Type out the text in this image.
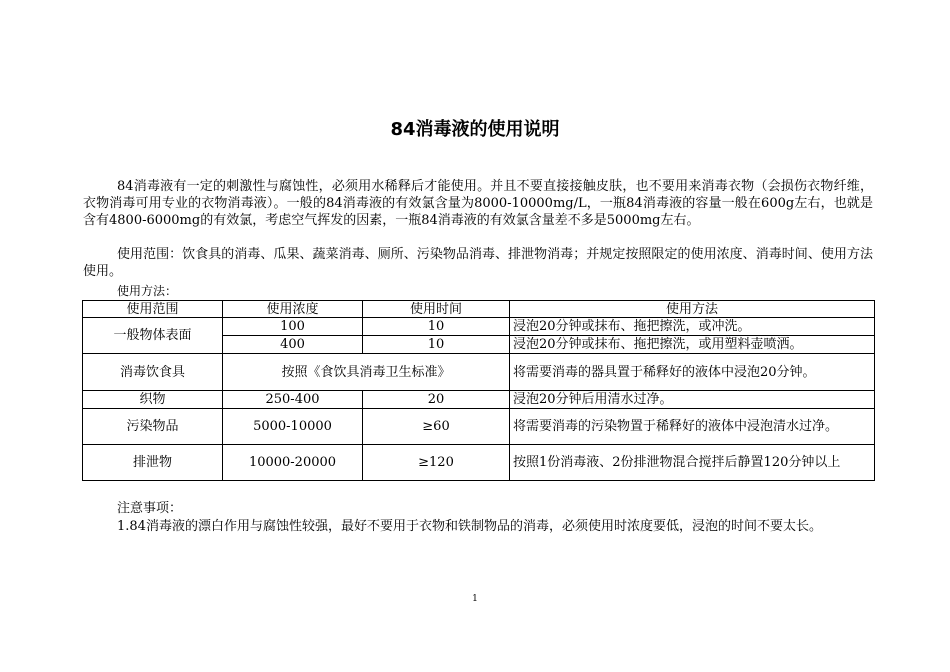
84消毒液的使用说明
84消毒液有一定的刺激性与腐蚀性，必须用水稀释后才能使用。并且不要直接接触皮肤，也不要用来消毒衣物（会损伤衣物纤维，衣物消毒可用专业的衣物消毒液）。一般的84消毒液的有效氯含量为8000-10000mg/L，一瓶84消毒液的容量一般在600g左右，也就是含有4800-6000mg的有效氯，考虑空气挥发的因素，一瓶84消毒液的有效氯含量差不多是5000mg左右。
使用范围：饮食具的消毒、瓜果、蔬菜消毒、厕所、污染物品消毒、排泄物消毒；并规定按照限定的使用浓度、消毒时间、使用方法使用。
使用方法：
使用范围	使用浓度	使用时间	使用方法
一般物体表面	100	10	浸泡20分钟或抹布、拖把擦洗，或冲洗。
	400	10	浸泡20分钟或抹布、拖把擦洗，或用塑料壶喷洒。
消毒饮食具	按照《食饮具消毒卫生标准》		将需要消毒的器具置于稀释好的液体中浸泡20分钟。
织物	250-400	20	浸泡20分钟后用清水过净。
污染物品	5000-10000	≥60	将需要消毒的污染物置于稀释好的液体中浸泡清水过净。
排泄物	10000-20000	≥120	按照1份消毒液、2份排泄物混合搅拌后静置120分钟以上
注意事项：
1.84消毒液的漂白作用与腐蚀性较强，最好不要用于衣物和铁制物品的消毒，必须使用时浓度要低，浸泡的时间不要太长。
1
